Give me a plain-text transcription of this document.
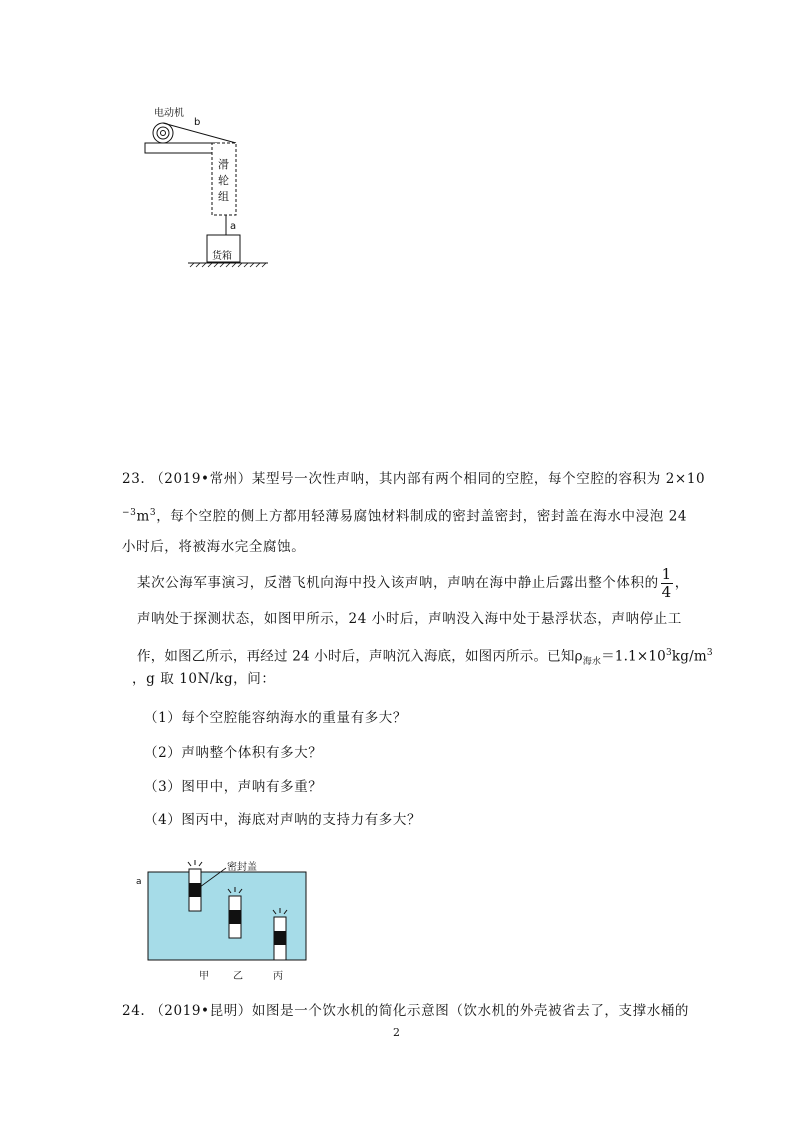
电动机
b
滑
轮
组
a
货箱
23. （2019•常州）某型号一次性声呐，其内部有两个相同的空腔，每个空腔的容积为 2×10
$^{-3}m^3$，每个空腔的侧上方都用轻薄易腐蚀材料制成的密封盖密封，密封盖在海水中浸泡 24
小时后，将被海水完全腐蚀。
某次公海军事演习，反潜飞机向海中投入该声呐，声呐在海中静止后露出整个体积的 $\frac{1}{4}$ ，
声呐处于探测状态，如图甲所示，24 小时后，声呐没入海中处于悬浮状态，声呐停止工
作，如图乙所示，再经过 24 小时后，声呐沉入海底，如图丙所示。已知$\rho_{海水}=1.1\times 10^3kg/m^3$
，g 取 10N/kg，问：
（1）每个空腔能容纳海水的重量有多大？
（2）声呐整个体积有多大？
（3）图甲中，声呐有多重？
（4）图丙中，海底对声呐的支持力有多大？
密封盖
a
甲 乙	丙
24. （2019•昆明）如图是一个饮水机的简化示意图（饮水机的外壳被省去了，支撑水桶的
2
